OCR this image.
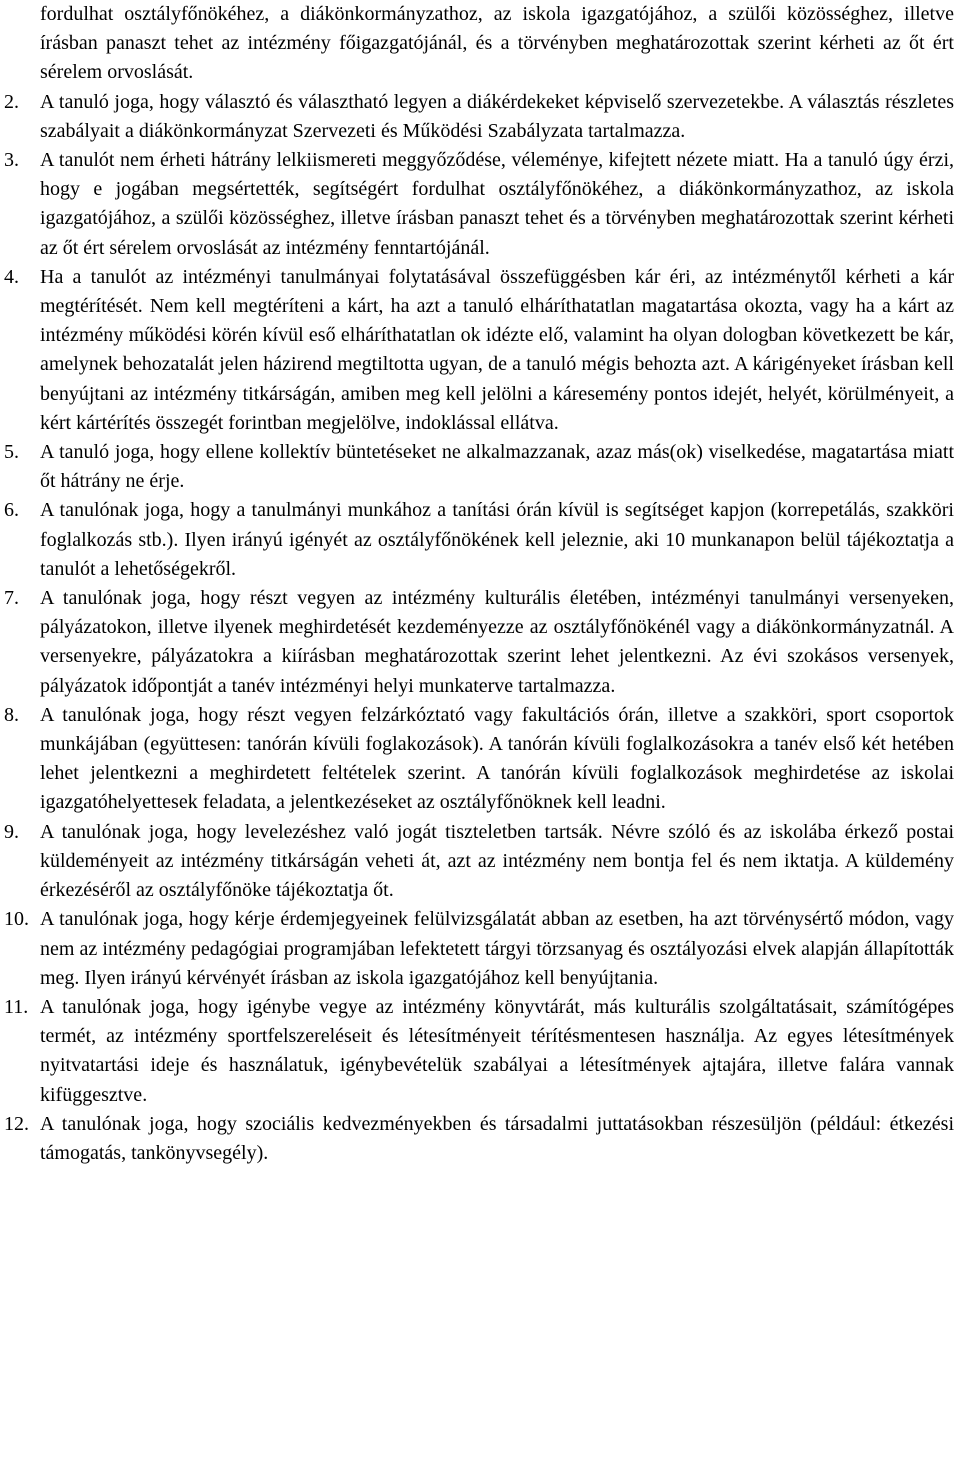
fordulhat osztályfőnökéhez, a diákönkormányzathoz, az iskola igazgatójához, a szülői közösséghez, illetve írásban panaszt tehet az intézmény főigazgatójánál, és a törvényben meghatározottak szerint kérheti az őt ért sérelem orvoslását.

2.	A tanuló joga, hogy választó és választható legyen a diákérdekeket képviselő szervezetekbe. A választás részletes szabályait a diákönkormányzat Szervezeti és Működési Szabályzata tartalmazza.
3.	A tanulót nem érheti hátrány lelkiismereti meggyőződése, véleménye, kifejtett nézete miatt. Ha a tanuló úgy érzi, hogy e jogában megsértették, segítségért fordulhat osztályfőnökéhez, a diákönkormányzathoz, az iskola igazgatójához, a szülői közösséghez, illetve írásban panaszt tehet és a törvényben meghatározottak szerint kérheti az őt ért sérelem orvoslását az intézmény fenntartójánál.
4.	Ha a tanulót az intézményi tanulmányai folytatásával összefüggésben kár éri, az intézménytől kérheti a kár megtérítését. Nem kell megtéríteni a kárt, ha azt a tanuló elháríthatatlan magatartása okozta, vagy ha a kárt az intézmény működési körén kívül eső elháríthatatlan ok idézte elő, valamint ha olyan dologban következett be kár, amelynek behozatalát jelen házirend megtiltotta ugyan, de a tanuló mégis behozta azt. A kárigényeket írásban kell benyújtani az intézmény titkárságán, amiben meg kell jelölni a káresemény pontos idejét, helyét, körülményeit, a kért kártérítés összegét forintban megjelölve, indoklással ellátva.
5.	A tanuló joga, hogy ellene kollektív büntetéseket ne alkalmazzanak, azaz más(ok) viselkedése, magatartása miatt őt hátrány ne érje.
6.	A tanulónak joga, hogy a tanulmányi munkához a tanítási órán kívül is segítséget kapjon (korrepetálás, szakköri foglalkozás stb.). Ilyen irányú igényét az osztályfőnökének kell jeleznie, aki 10 munkanapon belül tájékoztatja a tanulót a lehetőségekről.
7.	A tanulónak joga, hogy részt vegyen az intézmény kulturális életében, intézményi tanulmányi versenyeken, pályázatokon, illetve ilyenek meghirdetését kezdeményezze az osztályfőnökénél vagy a diákönkormányzatnál. A versenyekre, pályázatokra a kiírásban meghatározottak szerint lehet jelentkezni. Az évi szokásos versenyek, pályázatok időpontját a tanév intézményi helyi munkaterve tartalmazza.
8.	A tanulónak joga, hogy részt vegyen felzárkóztató vagy fakultációs órán, illetve a szakköri, sport csoportok munkájában (együttesen: tanórán kívüli foglakozások). A tanórán kívüli foglalkozásokra a tanév első két hetében lehet jelentkezni a meghirdetett feltételek szerint. A tanórán kívüli foglalkozások meghirdetése az iskolai igazgatóhelyettesek feladata, a jelentkezéseket az osztályfőnöknek kell leadni.
9.	A tanulónak joga, hogy levelezéshez való jogát tiszteletben tartsák. Névre szóló és az iskolába érkező postai küldeményeit az intézmény titkárságán veheti át, azt az intézmény nem bontja fel és nem iktatja. A küldemény érkezéséről az osztályfőnöke tájékoztatja őt.
10. A tanulónak joga, hogy kérje érdemjegyeinek felülvizsgálatát abban az esetben, ha azt törvénysértő módon, vagy nem az intézmény pedagógiai programjában lefektetett tárgyi törzsanyag és osztályozási elvek alapján állapították meg. Ilyen irányú kérvényét írásban az iskola igazgatójához kell benyújtania.
11. A tanulónak joga, hogy igénybe vegye az intézmény könyvtárát, más kulturális szolgáltatásait, számítógépes termét, az intézmény sportfelszereléseit és létesítményeit térítésmentesen használja. Az egyes létesítmények nyitvatartási ideje és használatuk, igénybevételük szabályai a létesítmények ajtajára, illetve falára vannak kifüggesztve.
12. A tanulónak joga, hogy szociális kedvezményekben és társadalmi juttatásokban részesüljön (például: étkezési támogatás, tankönyvsegély).
